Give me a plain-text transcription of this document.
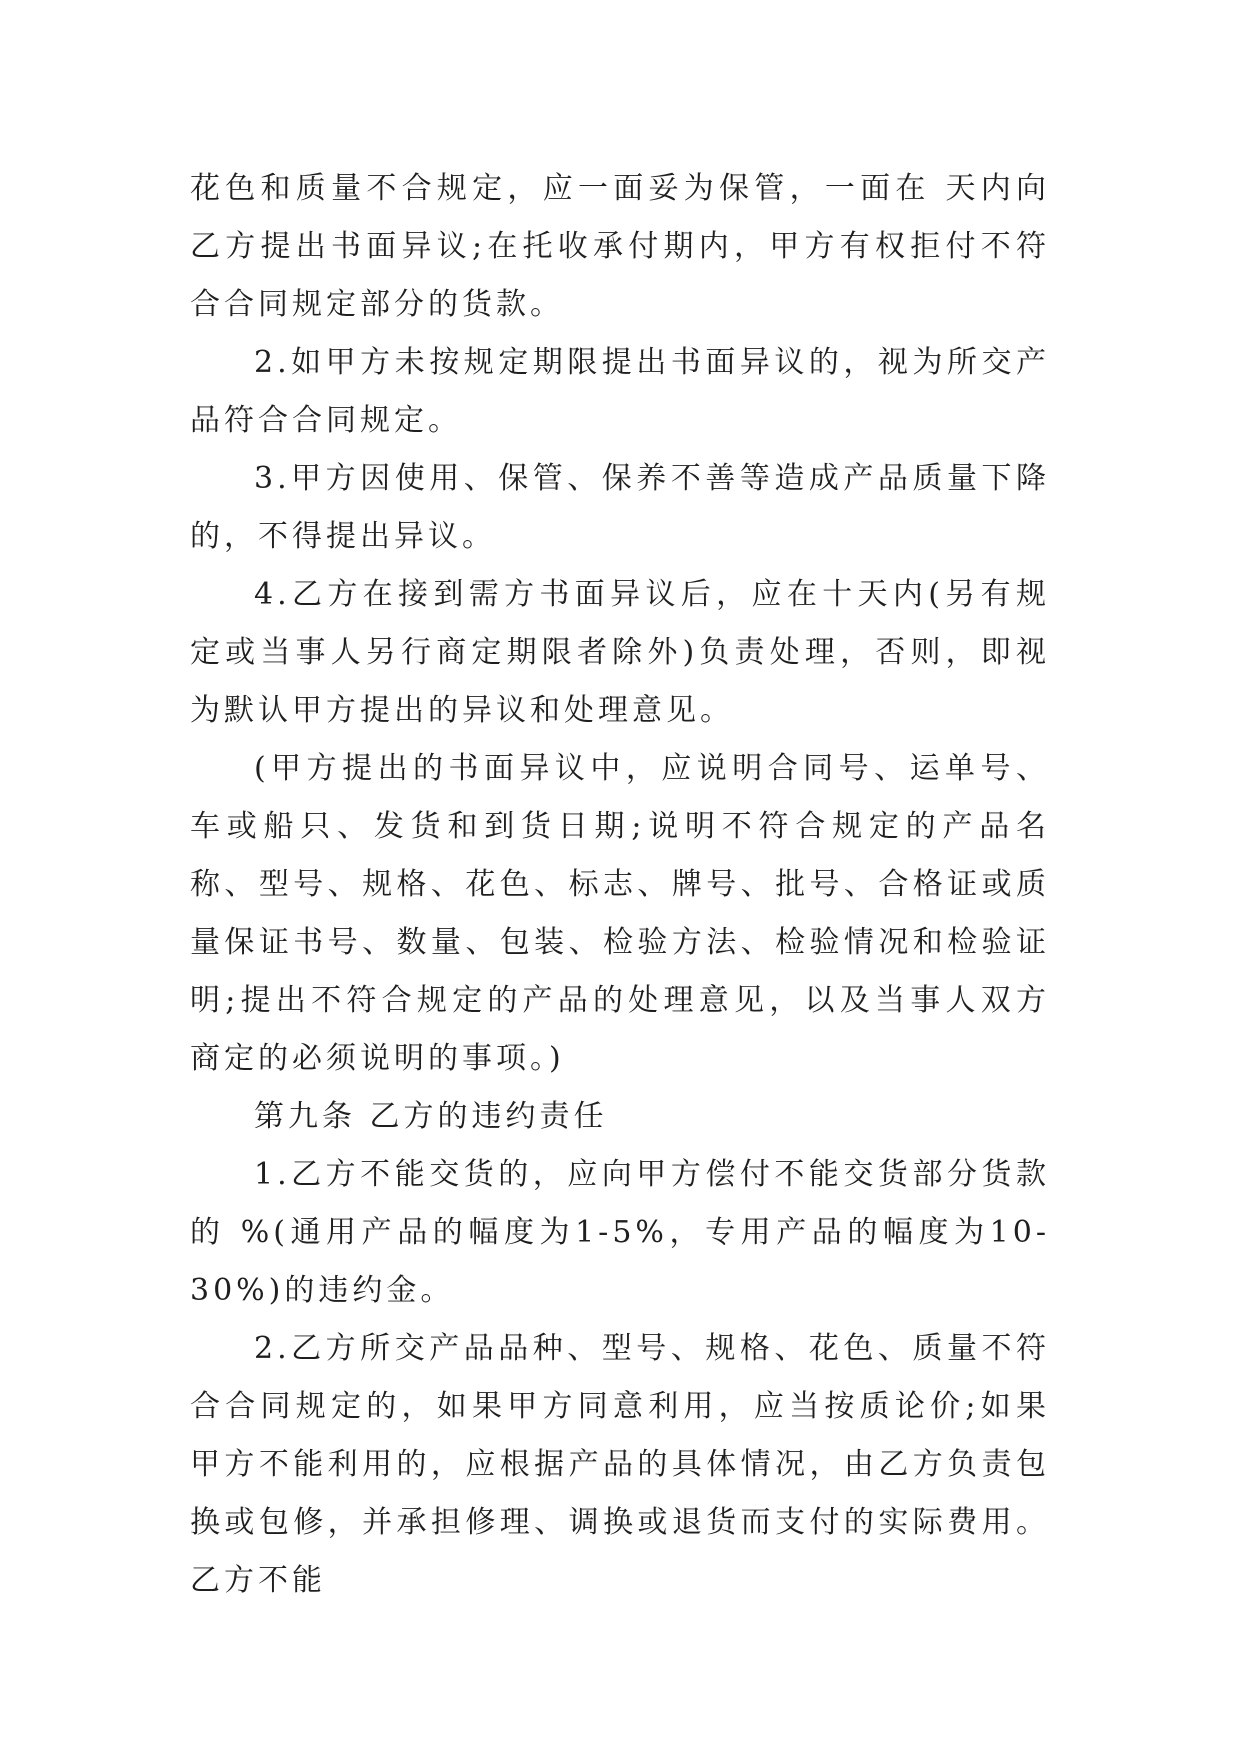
花色和质量不合规定，应一面妥为保管，一面在 天内向乙方提出书面异议;在托收承付期内，甲方有权拒付不符合合同规定部分的货款。

2.如甲方未按规定期限提出书面异议的，视为所交产品符合合同规定。

3.甲方因使用、保管、保养不善等造成产品质量下降的，不得提出异议。

4.乙方在接到需方书面异议后，应在十天内(另有规定或当事人另行商定期限者除外)负责处理，否则，即视为默认甲方提出的异议和处理意见。

(甲方提出的书面异议中，应说明合同号、运单号、车或船只、发货和到货日期;说明不符合规定的产品名称、型号、规格、花色、标志、牌号、批号、合格证或质量保证书号、数量、包装、检验方法、检验情况和检验证明;提出不符合规定的产品的处理意见，以及当事人双方商定的必须说明的事项。)

第九条 乙方的违约责任

1.乙方不能交货的，应向甲方偿付不能交货部分货款的 %(通用产品的幅度为1-5%，专用产品的幅度为10-30%)的违约金。

2.乙方所交产品品种、型号、规格、花色、质量不符合合同规定的，如果甲方同意利用，应当按质论价;如果甲方不能利用的，应根据产品的具体情况，由乙方负责包换或包修，并承担修理、调换或退货而支付的实际费用。乙方不能
